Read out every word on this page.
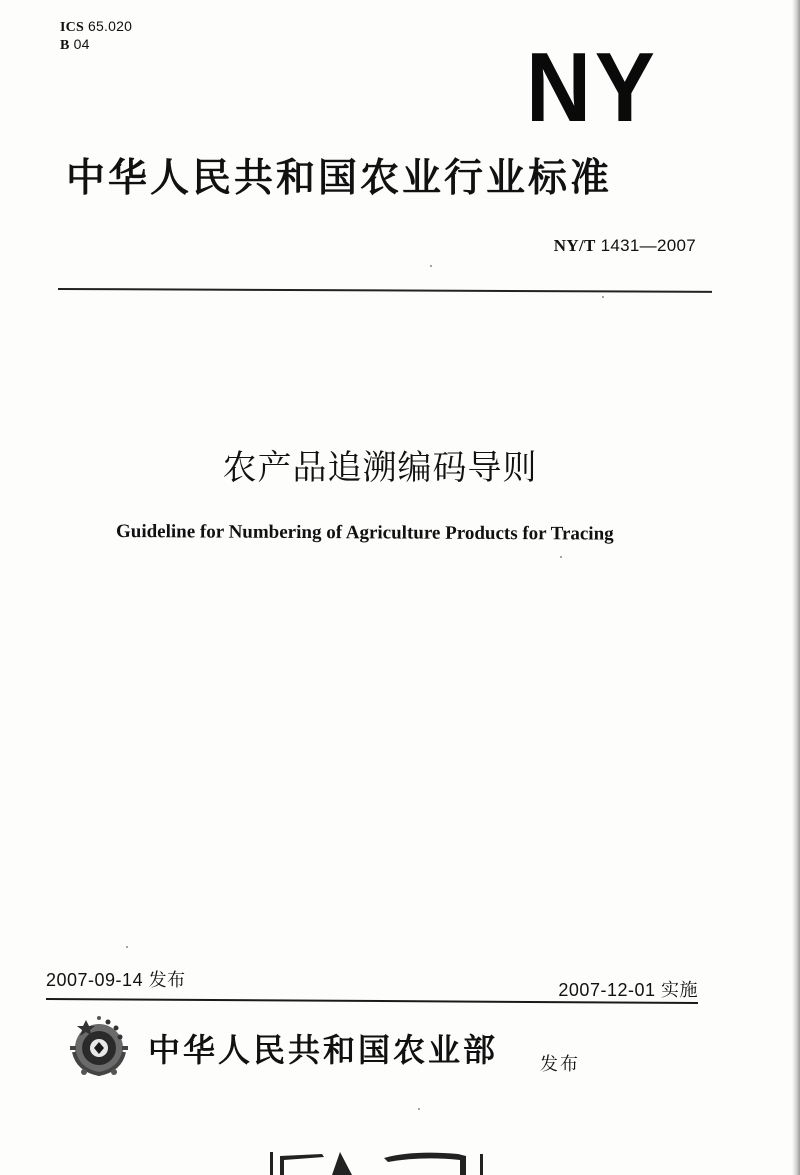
ICS 65.020
B 04	NY
中华人民共和国农业行业标准
NY/T 1431—2007
农产品追溯编码导则
Guideline for Numbering of Agriculture Products for Tracing
2007-09-14 发布	2007-12-01 实施
中华人民共和国农业部 发布
